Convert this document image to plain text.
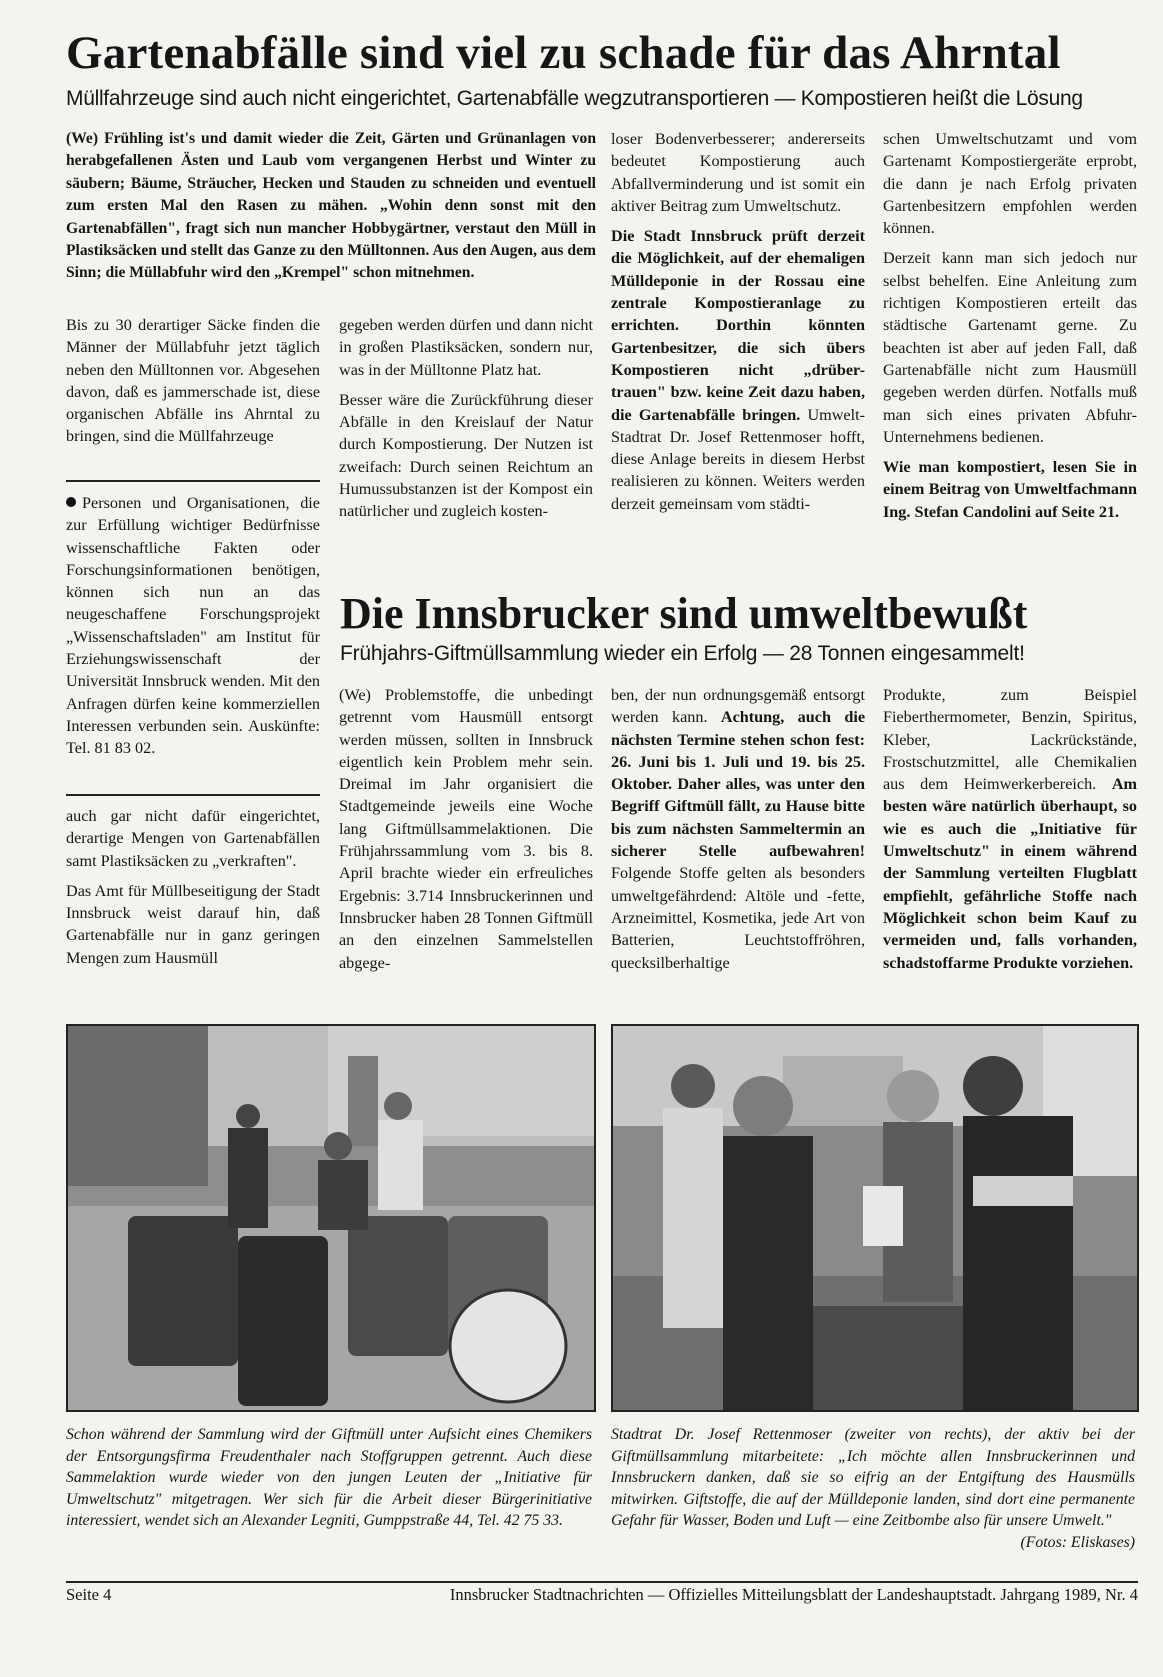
Gartenabfälle sind viel zu schade für das Ahrntal
Müllfahrzeuge sind auch nicht eingerichtet, Gartenabfälle wegzutransportieren — Kompostieren heißt die Lösung
(We) Frühling ist's und damit wieder die Zeit, Gärten und Grünanlagen von herabgefallenen Ästen und Laub vom vergangenen Herbst und Winter zu säubern; Bäume, Sträucher, Hecken und Stauden zu schneiden und eventuell zum ersten Mal den Rasen zu mähen. „Wohin denn sonst mit den Gartenabfällen", fragt sich nun mancher Hobbygärtner, verstaut den Müll in Plastiksäcken und stellt das Ganze zu den Mülltonnen. Aus den Augen, aus dem Sinn; die Müllabfuhr wird den „Krempel" schon mitnehmen.
Bis zu 30 derartiger Säcke finden die Männer der Müllabfuhr jetzt täglich neben den Mülltonnen vor. Abgesehen davon, daß es jammerschade ist, diese organischen Abfälle ins Ahrntal zu bringen, sind die Müllfahrzeuge
Personen und Organisationen, die zur Erfüllung wichtiger Bedürfnisse wissenschaftliche Fakten oder Forschungsinformationen benötigen, können sich nun an das neugeschaffene Forschungsprojekt „Wissenschaftsladen" am Institut für Erziehungswissenschaft der Universität Innsbruck wenden. Mit den Anfragen dürfen keine kommerziellen Interessen verbunden sein. Auskünfte: Tel. 81 83 02.

auch gar nicht dafür eingerichtet, derartige Mengen von Gartenabfällen samt Plastiksäcken zu „verkraften".

Das Amt für Müllbeseitigung der Stadt Innsbruck weist darauf hin, daß Gartenabfälle nur in ganz geringen Mengen zum Hausmüll

gegeben werden dürfen und dann nicht in großen Plastiksäcken, sondern nur, was in der Mülltonne Platz hat.

Besser wäre die Zurückführung dieser Abfälle in den Kreislauf der Natur durch Kompostierung. Der Nutzen ist zweifach: Durch seinen Reichtum an Humussubstanzen ist der Kompost ein natürlicher und zugleich kosten-

loser Bodenverbesserer; andererseits bedeutet Kompostierung auch Abfallverminderung und ist somit ein aktiver Beitrag zum Umweltschutz.

Die Stadt Innsbruck prüft derzeit die Möglichkeit, auf der ehemaligen Mülldeponie in der Rossau eine zentrale Kompostieranlage zu errichten. Dorthin könnten Gartenbesitzer, die sich übers Kompostieren nicht „drüber-trauen" bzw. keine Zeit dazu haben, die Gartenabfälle bringen. Umwelt-Stadtrat Dr. Josef Rettenmoser hofft, diese Anlage bereits in diesem Herbst realisieren zu können. Weiters werden derzeit gemeinsam vom städti-

schen Umweltschutzamt und vom Gartenamt Kompostiergeräte erprobt, die dann je nach Erfolg privaten Gartenbesitzern empfohlen werden können.

Derzeit kann man sich jedoch nur selbst behelfen. Eine Anleitung zum richtigen Kompostieren erteilt das städtische Gartenamt gerne. Zu beachten ist aber auf jeden Fall, daß Gartenabfälle nicht zum Hausmüll gegeben werden dürfen. Notfalls muß man sich eines privaten Abfuhr-Unternehmens bedienen.

Wie man kompostiert, lesen Sie in einem Beitrag von Umweltfachmann Ing. Stefan Candolini auf Seite 21.

Die Innsbrucker sind umweltbewußt
Frühjahrs-Giftmüllsammlung wieder ein Erfolg — 28 Tonnen eingesammelt!
(We) Problemstoffe, die unbedingt getrennt vom Hausmüll entsorgt werden müssen, sollten in Innsbruck eigentlich kein Problem mehr sein. Dreimal im Jahr organisiert die Stadtgemeinde jeweils eine Woche lang Giftmüllsammelaktionen. Die Frühjahrssammlung vom 3. bis 8. April brachte wieder ein erfreuliches Ergebnis: 3.714 Innsbruckerinnen und Innsbrucker haben 28 Tonnen Giftmüll an den einzelnen Sammelstellen abgege-
ben, der nun ordnungsgemäß entsorgt werden kann. Achtung, auch die nächsten Termine stehen schon fest: 26. Juni bis 1. Juli und 19. bis 25. Oktober. Daher alles, was unter den Begriff Giftmüll fällt, zu Hause bitte bis zum nächsten Sammeltermin an sicherer Stelle aufbewahren! Folgende Stoffe gelten als besonders umweltgefährdend: Altöle und -fette, Arzneimittel, Kosmetika, jede Art von Batterien, Leuchtstoffröhren, quecksilberhaltige
Produkte, zum Beispiel Fieberthermometer, Benzin, Spiritus, Kleber, Lackrückstände, Frostschutzmittel, alle Chemikalien aus dem Heimwerkerbereich. Am besten wäre natürlich überhaupt, so wie es auch die „Initiative für Umweltschutz" in einem während der Sammlung verteilten Flugblatt empfiehlt, gefährliche Stoffe nach Möglichkeit schon beim Kauf zu vermeiden und, falls vorhanden, schadstoffarme Produkte vorziehen.
Schon während der Sammlung wird der Giftmüll unter Aufsicht eines Chemikers der Entsorgungsfirma Freudenthaler nach Stoffgruppen getrennt. Auch diese Sammelaktion wurde wieder von den jungen Leuten der „Initiative für Umweltschutz" mitgetragen. Wer sich für die Arbeit dieser Bürgerinitiative interessiert, wendet sich an Alexander Legniti, Gumppstraße 44, Tel. 42 75 33.
Stadtrat Dr. Josef Rettenmoser (zweiter von rechts), der aktiv bei der Giftmüllsammlung mitarbeitete: „Ich möchte allen Innsbruckerinnen und Innsbruckern danken, daß sie so eifrig an der Entgiftung des Hausmülls mitwirken. Giftstoffe, die auf der Mülldeponie landen, sind dort eine permanente Gefahr für Wasser, Boden und Luft — eine Zeitbombe also für unsere Umwelt."
(Fotos: Eliskases)
Seite 4	Innsbrucker Stadtnachrichten — Offizielles Mitteilungsblatt der Landeshauptstadt. Jahrgang 1989, Nr. 4
